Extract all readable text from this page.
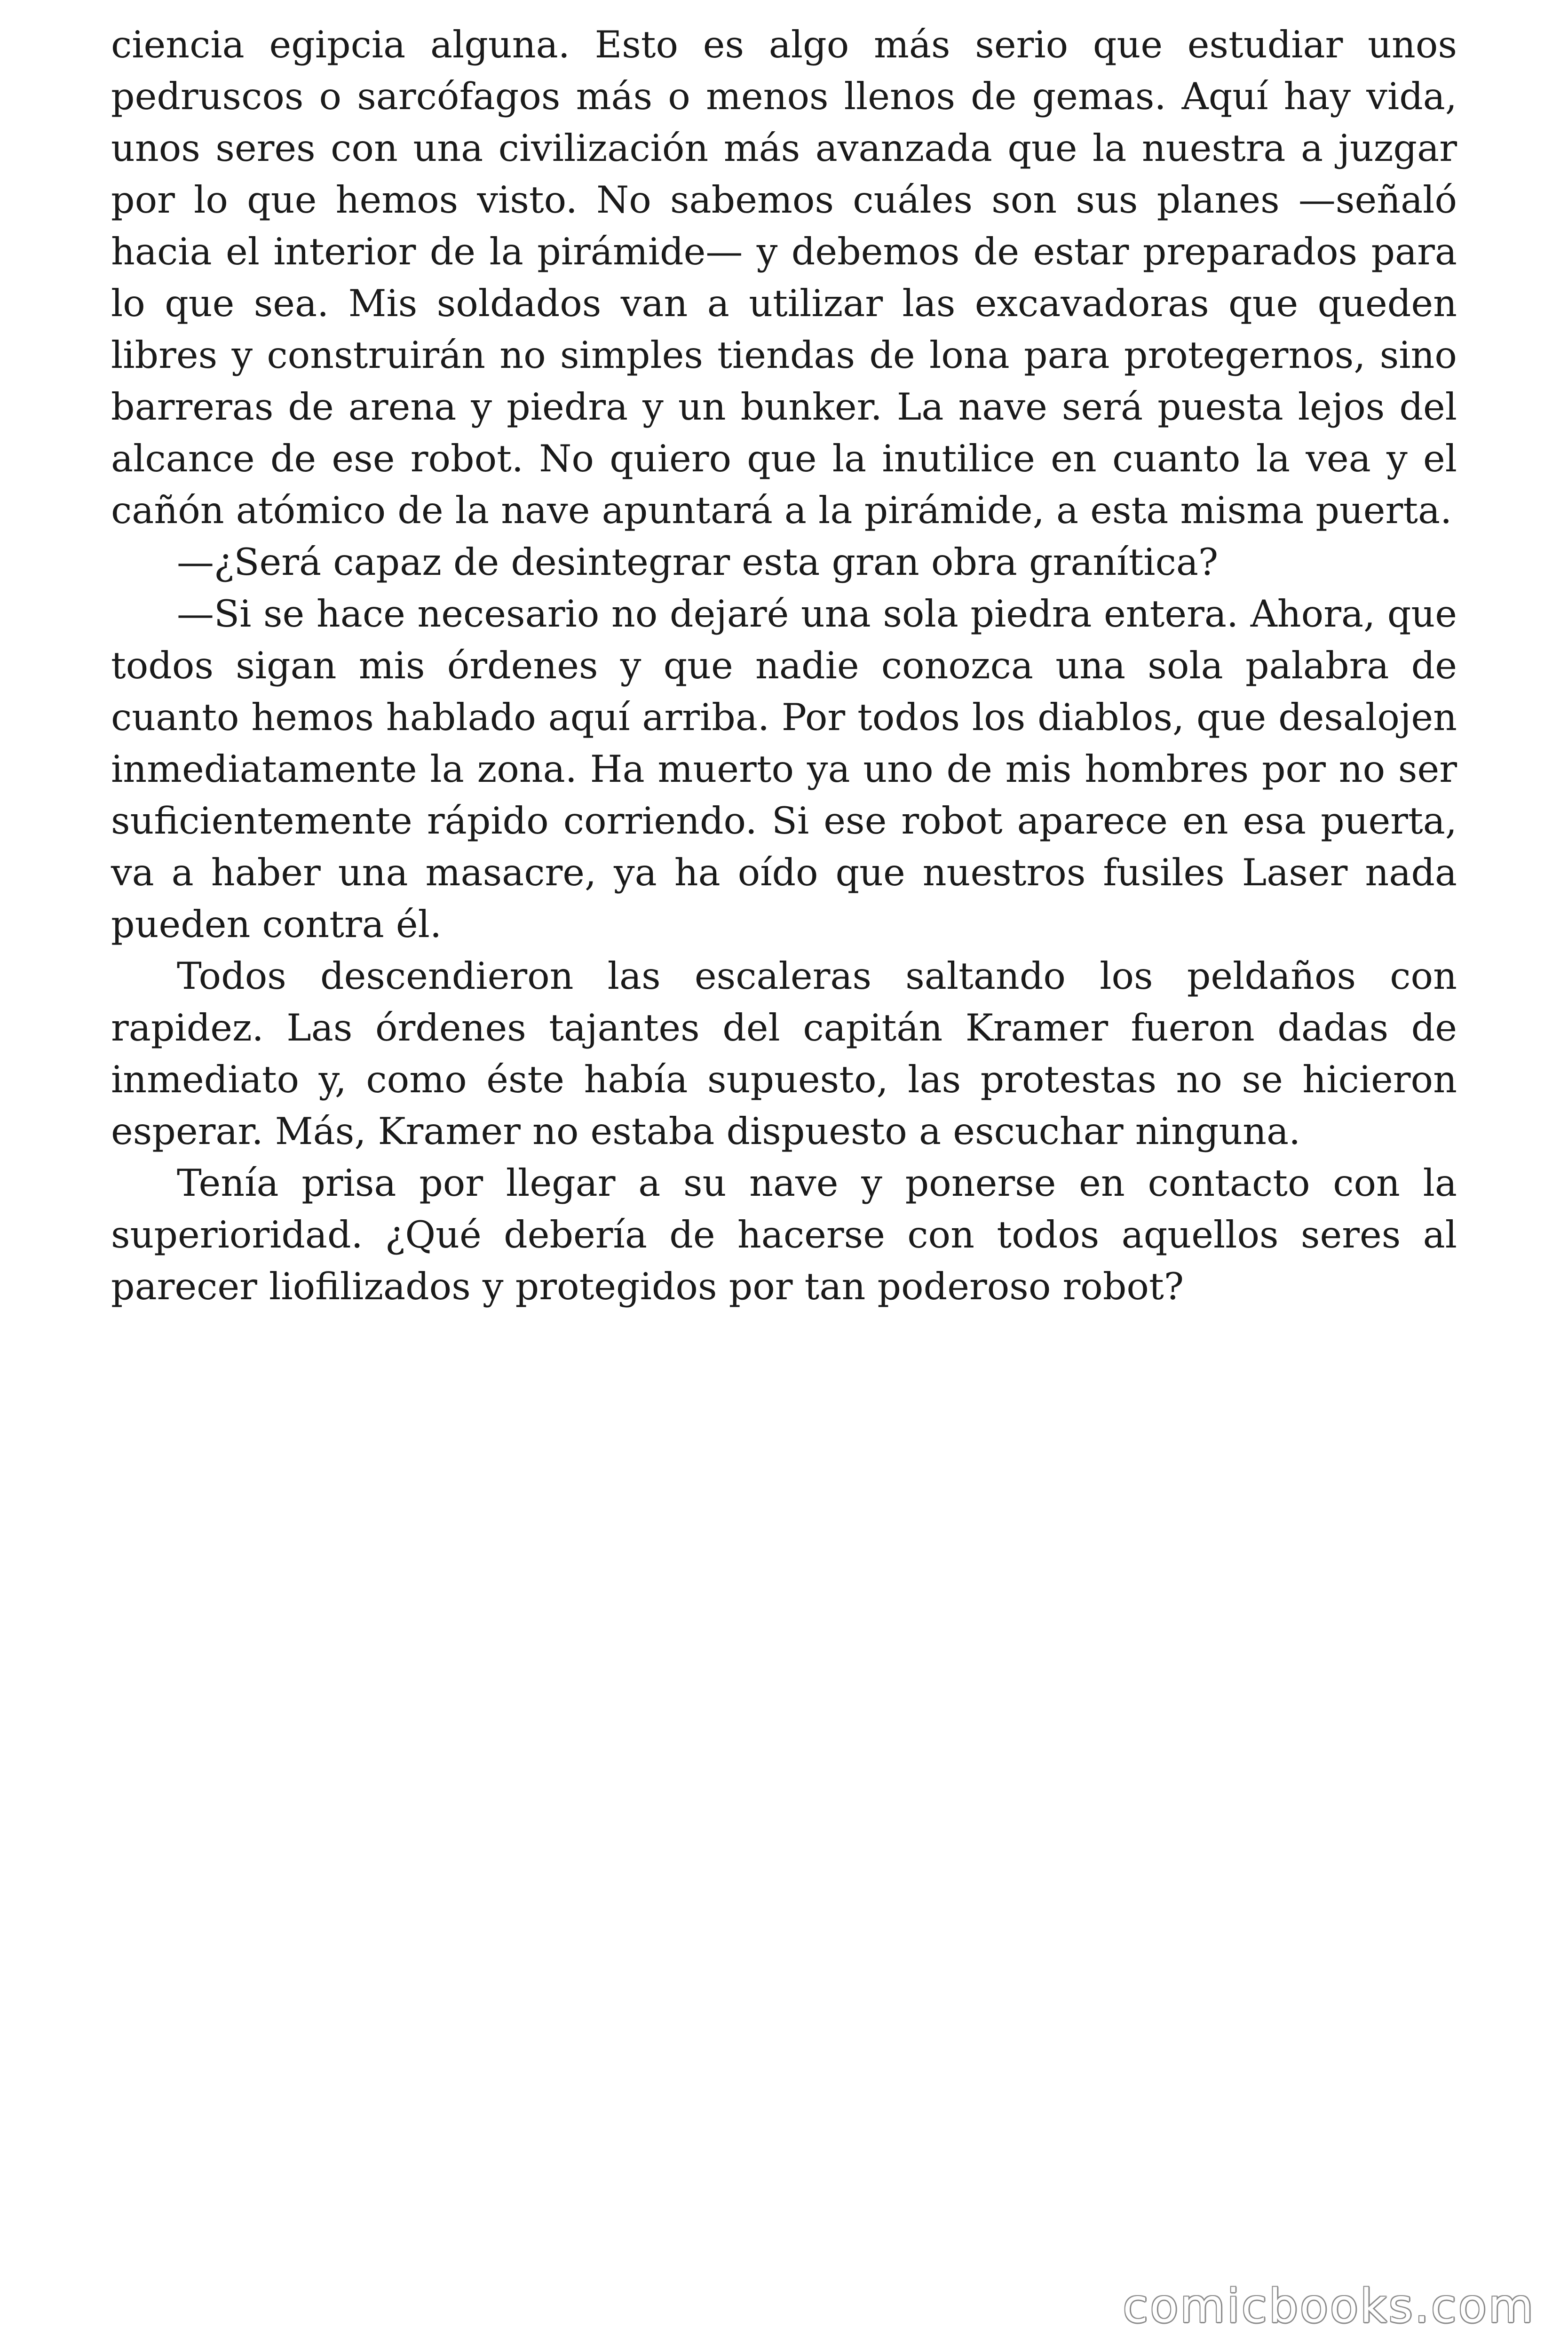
ciencia egipcia alguna. Esto es algo más serio que estudiar unos pedruscos o sarcófagos más o menos llenos de gemas. Aquí hay vida, unos seres con una civilización más avanzada que la nuestra a juzgar por lo que hemos visto. No sabemos cuáles son sus planes —señaló hacia el interior de la pirámide— y debemos de estar preparados para lo que sea. Mis soldados van a utilizar las excavadoras que queden libres y construirán no simples tiendas de lona para protegernos, sino barreras de arena y piedra y un bunker. La nave será puesta lejos del alcance de ese robot. No quiero que la inutilice en cuanto la vea y el cañón atómico de la nave apuntará a la pirámide, a esta misma puerta.

—¿Será capaz de desintegrar esta gran obra granítica?

—Si se hace necesario no dejaré una sola piedra entera. Ahora, que todos sigan mis órdenes y que nadie conozca una sola palabra de cuanto hemos hablado aquí arriba. Por todos los diablos, que desalojen inmediatamente la zona. Ha muerto ya uno de mis hombres por no ser suficientemente rápido corriendo. Si ese robot aparece en esa puerta, va a haber una masacre, ya ha oído que nuestros fusiles Laser nada pueden contra él.

Todos descendieron las escaleras saltando los peldaños con rapidez. Las órdenes tajantes del capitán Kramer fueron dadas de inmediato y, como éste había supuesto, las protestas no se hicieron esperar. Más, Kramer no estaba dispuesto a escuchar ninguna.

Tenía prisa por llegar a su nave y ponerse en contacto con la superioridad. ¿Qué debería de hacerse con todos aquellos seres al parecer liofilizados y protegidos por tan poderoso robot?

comicbooks.com
